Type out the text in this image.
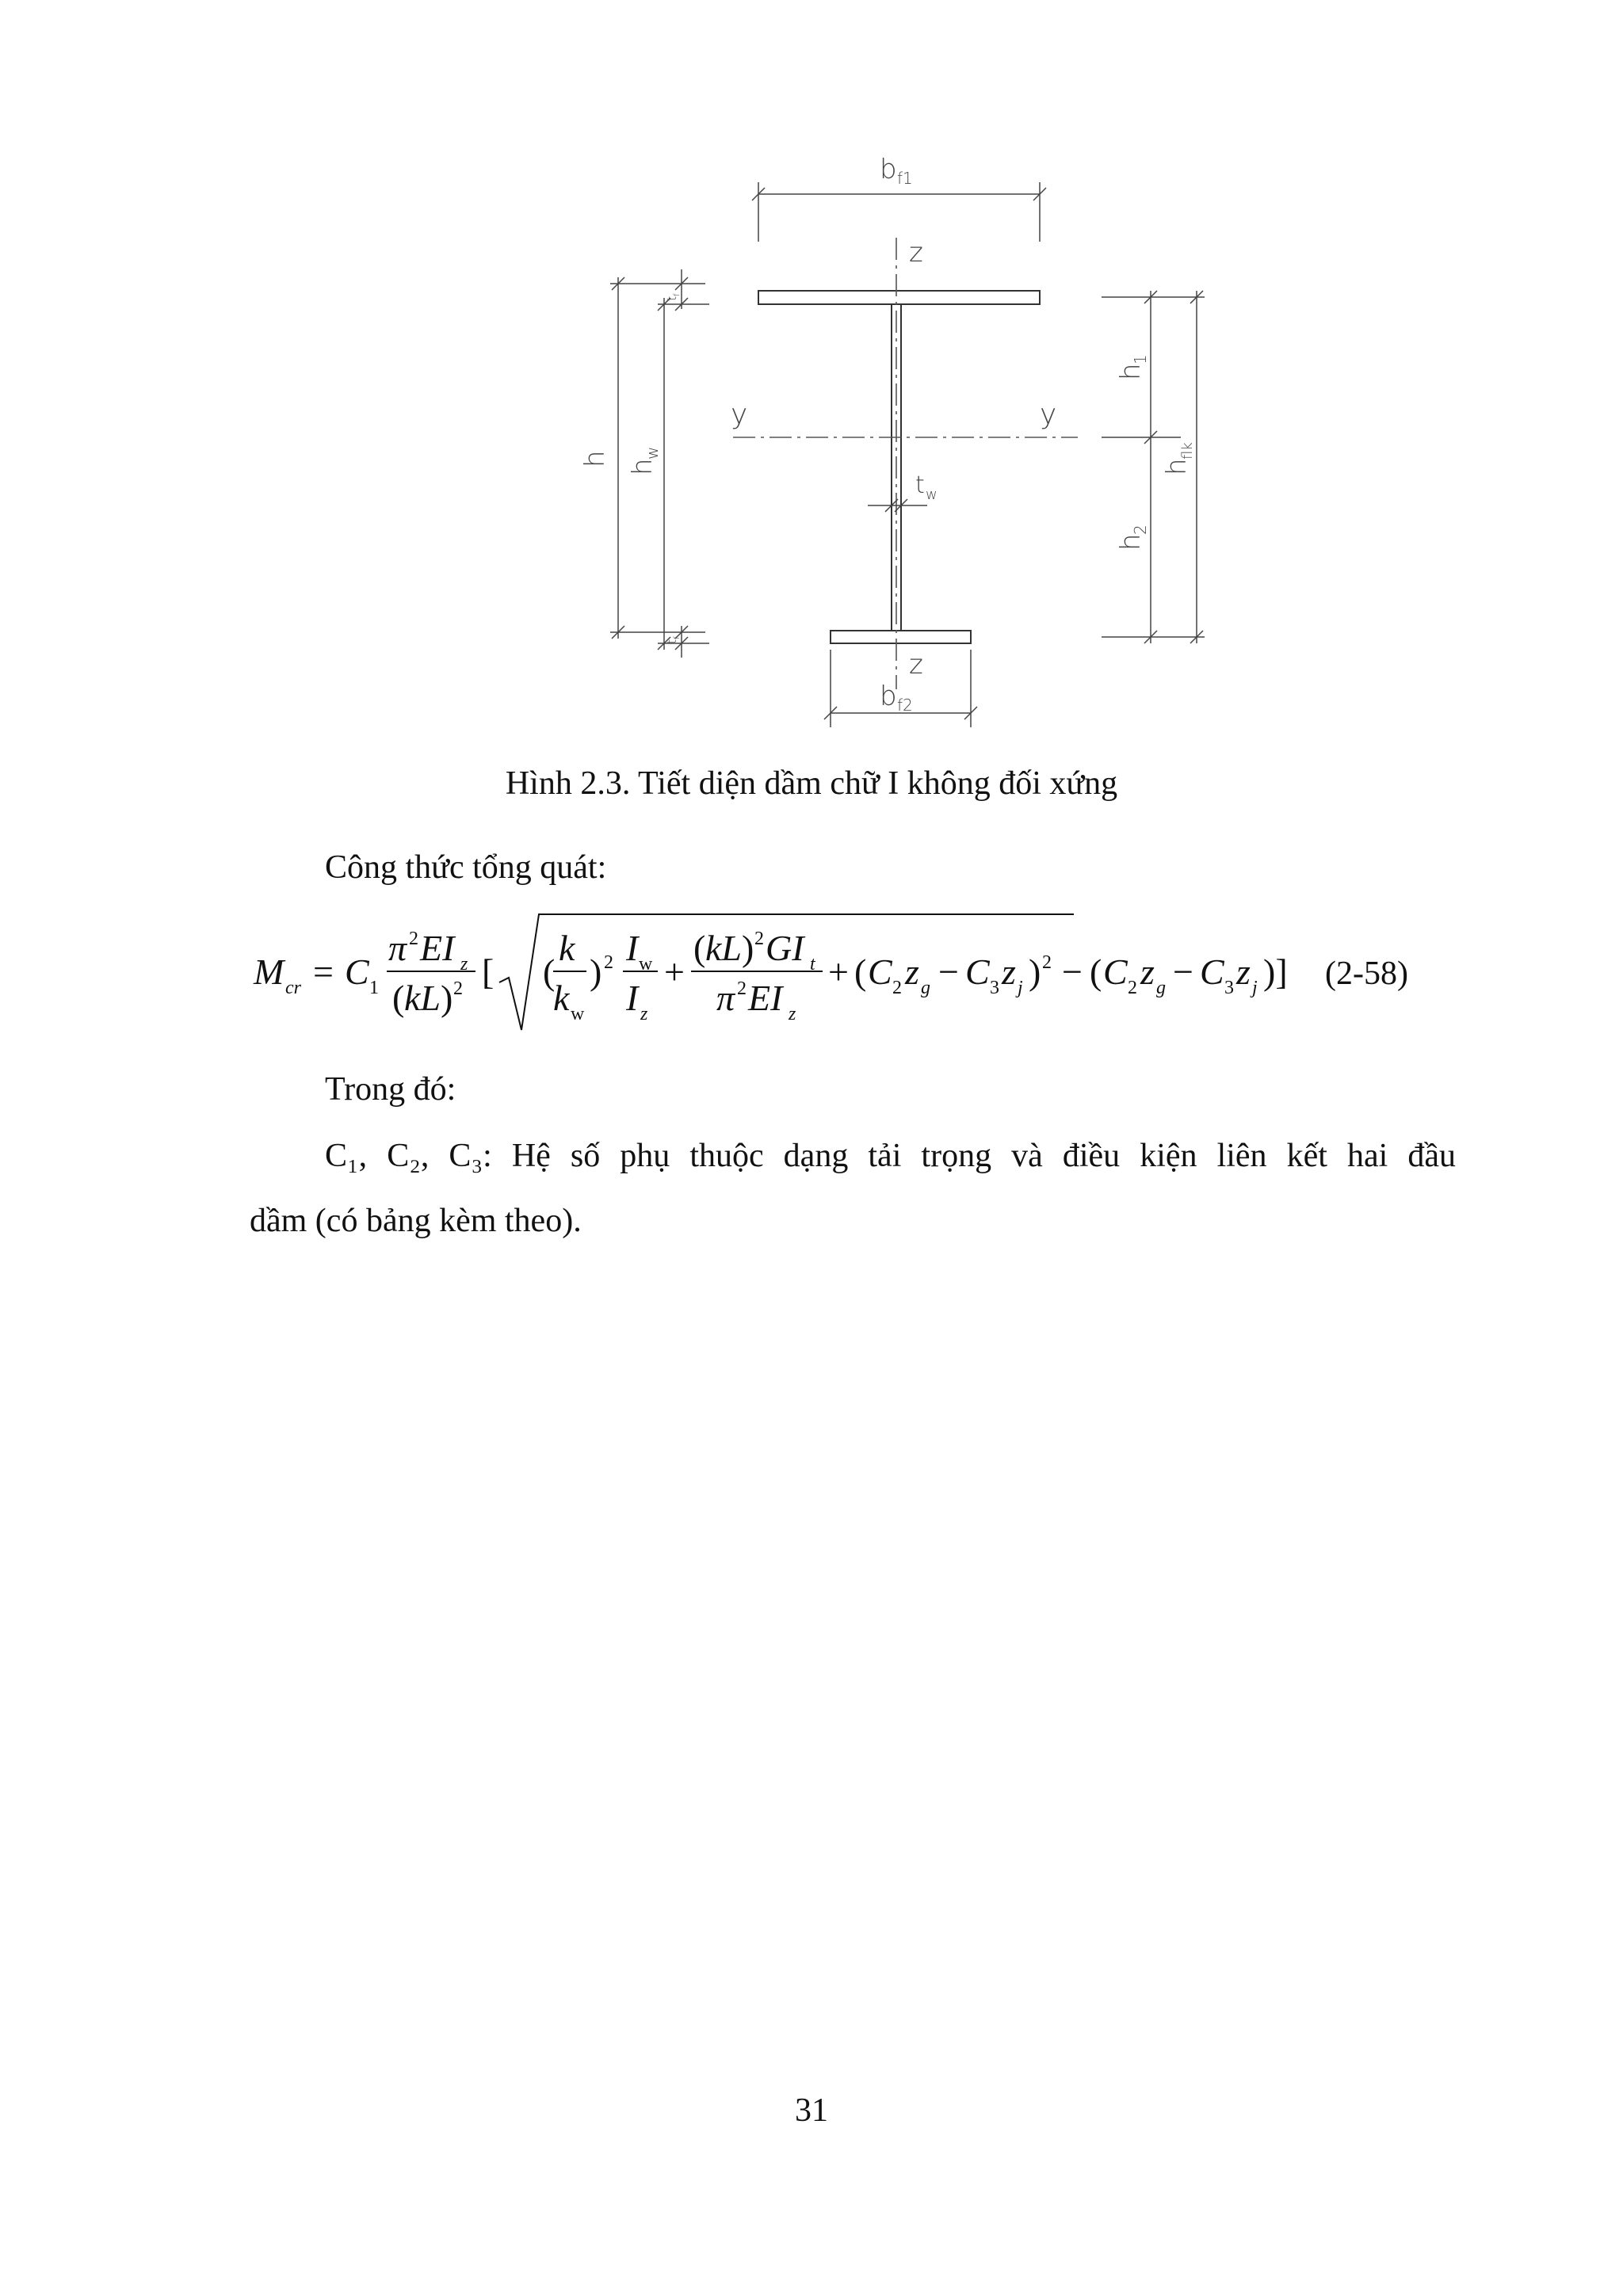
b f1
z
z
y	y
t w
b f2
h h
w
t
f
t
f
h
1
h
2
h
flk
Hình 2.3. Tiết diện dầm chữ I không đối xứng
Công thức tổng quát:
M cr = C 1
π 2 EI z
( kL ) 2 [ (
k
k w
) 2 I w
I z
+
( kL ) 2 GI t
π 2 EI z
+ ( C 2 z g − C 3 z j ) 2 − ( C 2 z g − C 3 z j )] (2-58)
Trong đó:
C₁, C₂, C₃: Hệ số phụ thuộc dạng tải trọng và điều kiện liên kết hai đầu
dầm (có bảng kèm theo).
31
